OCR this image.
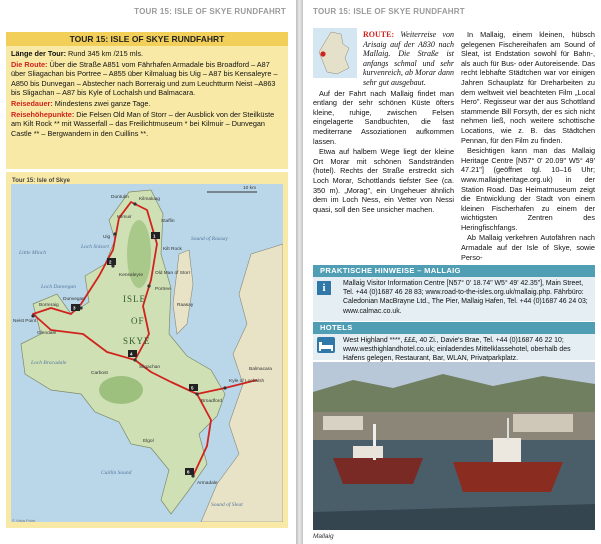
TOUR 15: ISLE OF SKYE RUNDFAHRT
TOUR 15: ISLE OF SKYE RUNDFAHRT

Länge der Tour: Rund 345 km /215 mls.

Die Route: Über die Straße A851 vom Fährhafen Armadale bis Broadford – A87 über Sliagachan bis Portree – A855 über Kilmaluag bis Uig – A87 bis Kensaleyre – A850 bis Dunvegan – Abstecher nach Borreraig und zum Leuchtturm Neist –A863 bis Sligachan – A87 bis Kyle of Lochalsh und Balmacara.

Reisedauer: Mindestens zwei ganze Tage.

Reisehöhepunkte: Die Felsen Old Man of Storr – der Ausblick von der Steilküste am Kilt Rock ** mit Wasserfall – das Freilichtmuseum * bei Kilmuir – Dunvegan Castle ** – Bergwandern in den Cuillins **.

Tour 15: Isle of Skye
1
2
3
4
5
6
ISLE
OF
SKYE
Kilmaluag
Duntulm
Uig
Kilmuir
Staffin
Kilt Rock
Old Man of Storr
Portree
Dunvegan
Borreraig
Neist Point
Glendale
Sligachan
Broadford
Kyle of Lochalsh
Balmacara
Armadale
Elgol
Kensaleyre
Carbost
Raasay
Loch Snizort
Loch Dunvegan
Loch Bracadale
Sound of Raasay
Cuillin Sound
Sound of Sleat
Little Minch
10 km
© Vista Point
TOUR 15: ISLE OF SKYE RUNDFAHRT

ROUTE: Weiterreise von Arisaig auf der A830 nach Mallaig. Die Straße ist anfangs schmal und sehr kurvenreich, ab Morar dann sehr gut ausgebaut.

Auf der Fahrt nach Mallaig findet man entlang der sehr schönen Küste öfters kleine, ruhige, zwischen Felsen eingelagerte Sandbuchten, die fast mediterrane Assoziationen aufkommen lassen.

Etwa auf halbem Wege liegt der kleine Ort Morar mit schönen Sandstränden (hotel). Rechts der Straße erstreckt sich Loch Morar, Schottlands tiefster See (ca. 350 m). „Morag", ein Ungeheuer ähnlich dem im Loch Ness, ein Vetter von Nessi quasi, soll den See unsicher machen.

In Mallaig, einem kleinen, hübsch gelegenen Fischereihafen am Sound of Sleat, ist Endstation sowohl für Bahn-, als auch für Bus- oder Autoreisende. Das recht lebhafte Städtchen war vor einigen Jahren Schauplatz für Dreharbeiten zu dem weltweit viel beachteten Film „Local Hero". Regisseur war der aus Schottland stammende Bill Forsyth, der es sich nicht nehmen ließ, noch weitere schottische Locations, wie z. B. das Städtchen Pennan, für den Film zu finden.

Besichtigen kann man das Mallaig Heritage Centre [N57° 0' 20.09" W5° 49' 47.21"] (geöffnet tgl. 10–16 Uhr; www.mallaigheritage.org.uk) in der Station Road. Das Heimatmuseum zeigt die Entwicklung der Stadt von einem kleinen Fischerhafen zu einem der wichtigsten Zentren des Heringfischfangs.

Ab Mallaig verkehren Autofähren nach Armadale auf der Isle of Skye, sowie Perso-

PRAKTISCHE HINWEISE – MALLAIG
i	Mallaig Visitor Information Centre [N57° 0' 18.74" W5° 49' 42.35"], Main Street, Tel. +44 (0)1687 46 28 83; www.road-to-the-isles.org.uk/mallaig.php. Fährbüro: Caledonian MacBrayne Ltd., The Pier, Mallaig Hafen, Tel. +44 (0)1687 46 24 03; www.calmac.co.uk.
HOTELS
West Highland ****, £££, 40 Zi., Davie's Brae, Tel. +44 (0)1687 46 22 10; www.westhighlandhotel.co.uk; einladendes Mittelklassehotel, oberhalb des Hafens gelegen, Restaurant, Bar, WLAN, Privatparkplatz.
Mallaig
